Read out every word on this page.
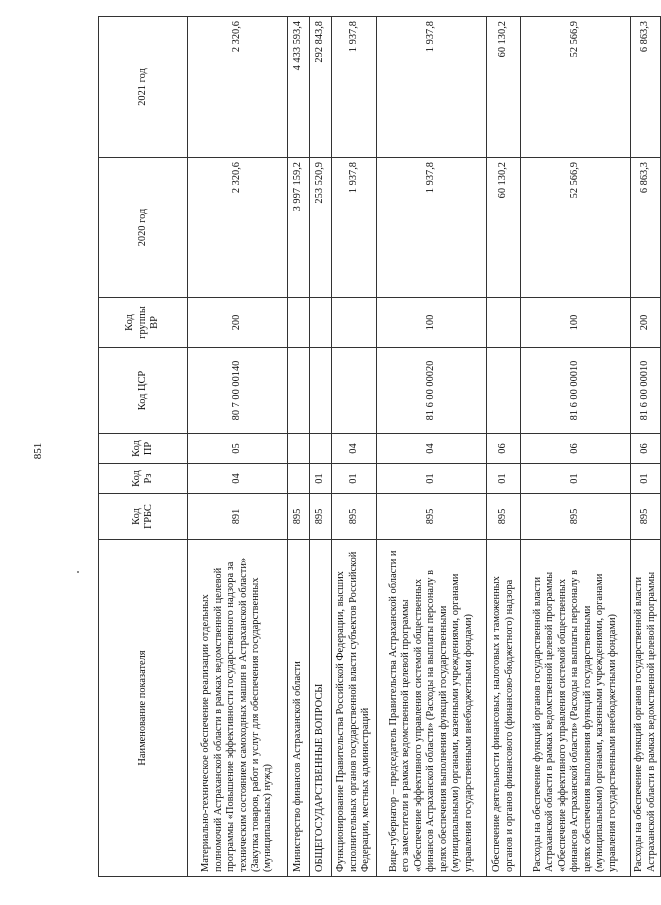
851
Наименование показателя	Код ГРБС	Код Рз	Код ПР	Код ЦСР	Код группы ВР	2020 год	2021 год
Материально-техническое обеспечение реализации отдельных полномочий Астраханской области в рамках ведомственной целевой программы «Повышение эффективности государственного надзора за техническим состоянием самоходных машин в Астраханской области» (Закупка товаров, работ и услуг для обеспечения государственных (муниципальных) нужд)	891	04	05	80 7 00 00140	200	2 320,6	2 320,6
Министерство финансов Астраханской области	895					3 997 159,2	4 433 593,4
ОБЩЕГОСУДАРСТВЕННЫЕ ВОПРОСЫ	895	01				253 520,9	292 843,8
Функционирование Правительства Российской Федерации, высших исполнительных органов государственной власти субъектов Российской Федерации, местных администраций	895	01	04			1 937,8	1 937,8
Вице-губернатор – председатель Правительства Астраханской области и его заместители в рамках ведомственной целевой программы «Обеспечение эффективного управления системой общественных финансов Астраханской области» (Расходы на выплаты персоналу в целях обеспечения выполнения функций государственными (муниципальными) органами, казенными учреждениями, органами управления государственными внебюджетными фондами)	895	01	04	81 6 00 00020	100	1 937,8	1 937,8
Обеспечение деятельности финансовых, налоговых и таможенных органов и органов финансового (финансово-бюджетного) надзора	895	01	06			60 130,2	60 130,2
Расходы на обеспечение функций органов государственной власти Астраханской области в рамках ведомственной целевой программы «Обеспечение эффективного управления системой общественных финансов Астраханской области» (Расходы на выплаты персоналу в целях обеспечения выполнения функций государственными (муниципальными) органами, казенными учреждениями, органами управления государственными внебюджетными фондами)	895	01	06	81 6 00 00010	100	52 566,9	52 566,9
Расходы на обеспечение функций органов государственной власти Астраханской области в рамках ведомственной целевой программы	895	01	06	81 6 00 00010	200	6 863,3	6 863,3
